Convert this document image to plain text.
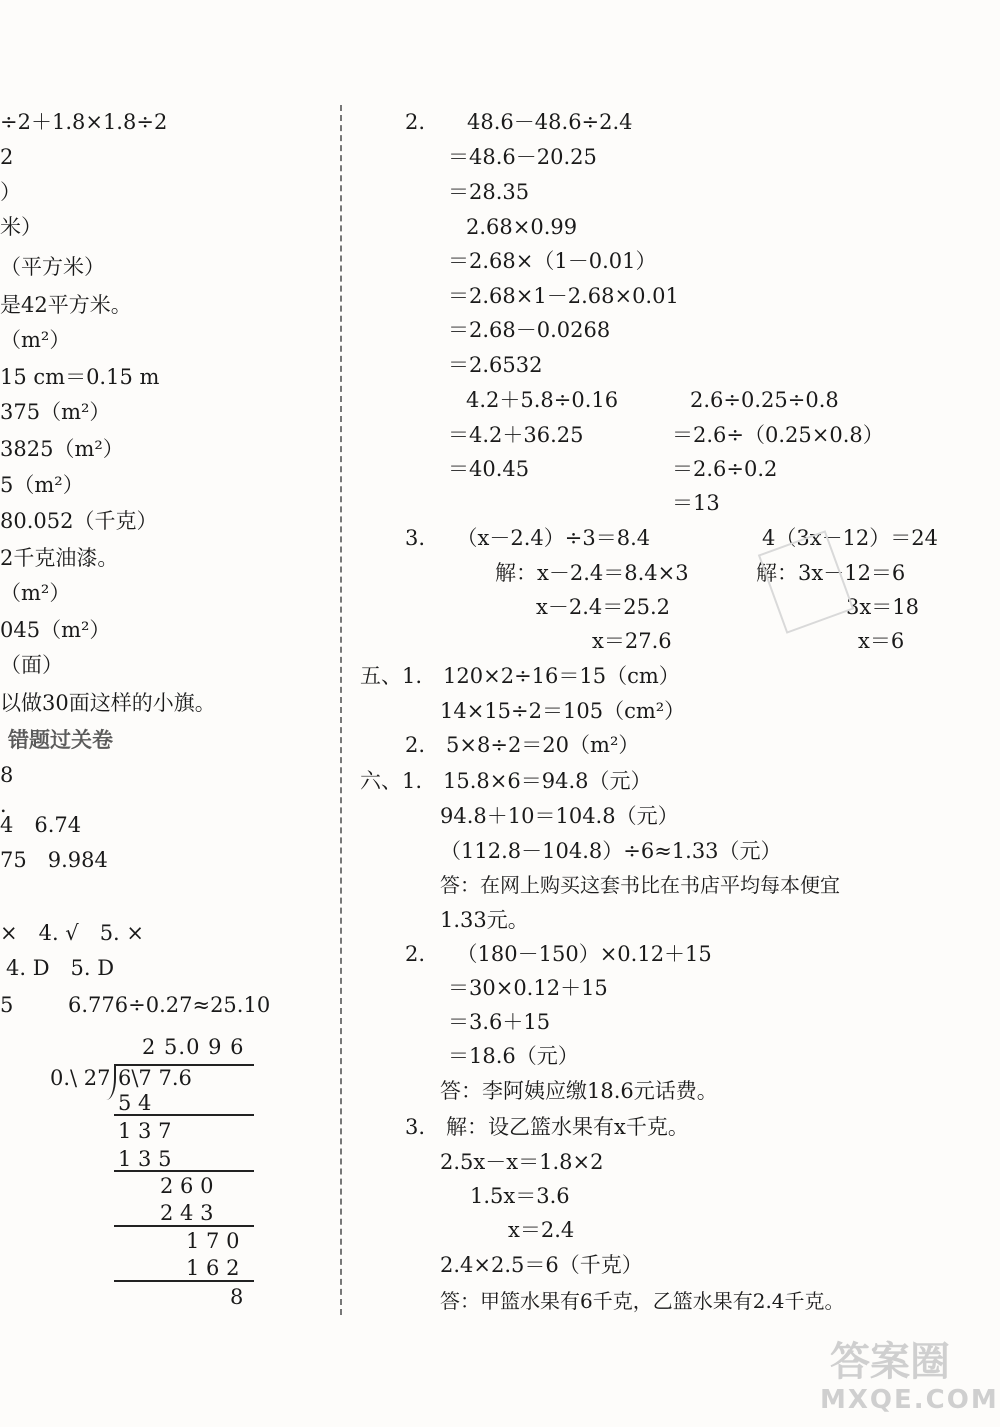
÷2＋1.8×1.8÷2
2
）
米）
（平方米）
是42平方米。
（m²）
15 cm＝0.15 m
375（m²）
3825（m²）
5（m²）
80.052（千克）
2千克油漆。
（m²）
045（m²）
（面）
以做30面这样的小旗。
错题过关卷
8
．
4　6.74
75　9.984
×　4. √　5. ×
4. D　5. D
5	6.776÷0.27≈25.10
2 5.0 9 6
0.\ 27 6\7 7.6
5 4
1 3 7
1 3 5
2 6 0
2 4 3
1 7 0
1 6 2
8
2.　　48.6－48.6÷2.4
＝48.6－20.25
＝28.35
2.68×0.99
＝2.68×（1－0.01）
＝2.68×1－2.68×0.01
＝2.68－0.0268
＝2.6532
4.2＋5.8÷0.16	2.6÷0.25÷0.8
＝4.2＋36.25	＝2.6÷（0.25×0.8）
＝40.45	＝2.6÷0.2
＝13
3.　　（x－2.4）÷3＝8.4	4（3x－12）＝24
解：x－2.4＝8.4×3	解：3x－12＝6
x－2.4＝25.2	3x＝18
x＝27.6	x＝6
五、1.　120×2÷16＝15（cm）
14×15÷2＝105（cm²）
2.　5×8÷2＝20（m²）
六、1.　15.8×6＝94.8（元）
94.8＋10＝104.8（元）
（112.8－104.8）÷6≈1.33（元）
答：在网上购买这套书比在书店平均每本便宜
1.33元。
2.　　（180－150）×0.12＋15
＝30×0.12＋15
＝3.6＋15
＝18.6（元）
答：李阿姨应缴18.6元话费。
3.　解：设乙篮水果有x千克。
2.5x－x＝1.8×2
1.5x＝3.6
x＝2.4
2.4×2.5＝6（千克）
答：甲篮水果有6千克，乙篮水果有2.4千克。
答案圈
MXQE.COM
